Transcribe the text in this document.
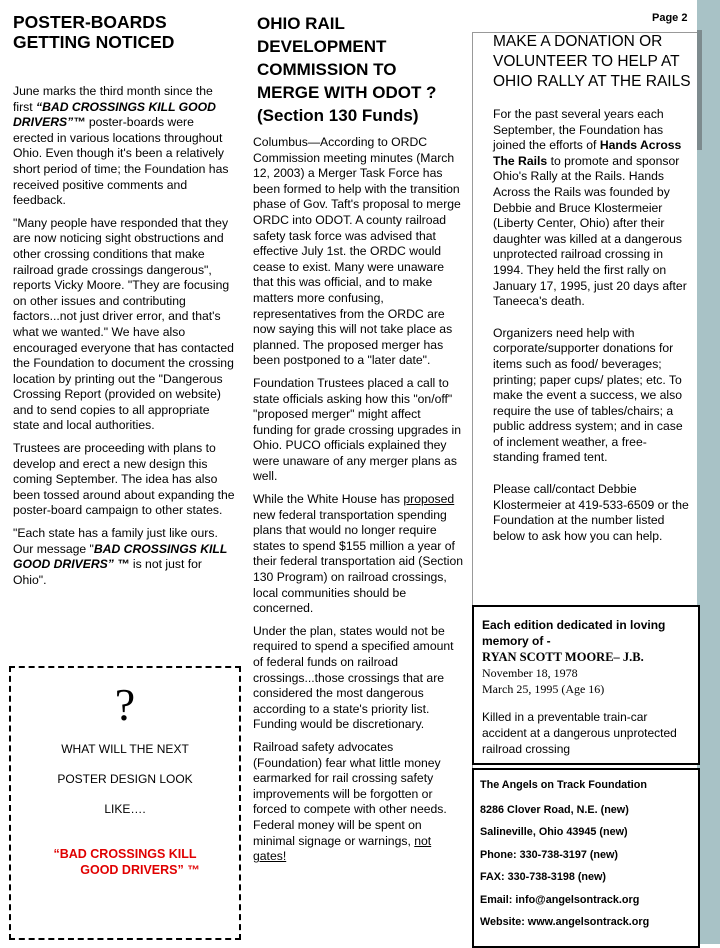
Page 2

POSTER-BOARDS GETTING NOTICED

June marks the third month since the first “BAD CROSSINGS KILL GOOD DRIVERS”™ poster-boards were erected in various locations throughout Ohio. Even though it's been a relatively short period of time; the Foundation has received positive comments and feedback.

"Many people have responded that they are now noticing sight obstructions and other crossing conditions that make railroad grade crossings dangerous", reports Vicky Moore. "They are focusing on other issues and contributing factors...not just driver error, and that's what we wanted." We have also encouraged everyone that has contacted the Foundation to document the crossing location by printing out the "Dangerous Crossing Report (provided on website) and to send copies to all appropriate state and local authorities.

Trustees are proceeding with plans to develop and erect a new design this coming September. The idea has also been tossed around about expanding the poster-board campaign to other states.

"Each state has a family just like ours. Our message "BAD CROSSINGS KILL GOOD DRIVERS” ™ is not just for Ohio".

?
WHAT WILL THE NEXT
POSTER DESIGN LOOK
LIKE….
“BAD CROSSINGS KILL
GOOD DRIVERS” ™

OHIO RAIL DEVELOPMENT COMMISSION TO MERGE WITH ODOT ? (Section 130 Funds)

Columbus—According to ORDC Commission meeting minutes (March 12, 2003) a Merger Task Force has been formed to help with the transition phase of Gov. Taft's proposal to merge ORDC into ODOT. A county railroad safety task force was advised that effective July 1st. the ORDC would cease to exist. Many were unaware that this was official, and to make matters more confusing, representatives from the ORDC are now saying this will not take place as planned. The proposed merger has been postponed to a "later date".

Foundation Trustees placed a call to state officials asking how this "on/off" "proposed merger" might affect funding for grade crossing upgrades in Ohio. PUCO officials explained they were unaware of any merger plans as well.

While the White House has proposed new federal transportation spending plans that would no longer require states to spend $155 million a year of their federal transportation aid (Section 130 Program) on railroad crossings, local communities should be concerned.

Under the plan, states would not be required to spend a specified amount of federal funds on railroad crossings...those crossings that are considered the most dangerous according to a state's priority list. Funding would be discretionary.

Railroad safety advocates (Foundation) fear what little money earmarked for rail crossing safety improvements will be forgotten or forced to compete with other needs. Federal money will be spent on minimal signage or warnings, not gates!

MAKE A DONATION OR VOLUNTEER TO HELP AT OHIO RALLY AT THE RAILS

For the past several years each September, the Foundation has joined the efforts of Hands Across The Rails to promote and sponsor Ohio's Rally at the Rails. Hands Across the Rails was founded by Debbie and Bruce Klostermeier (Liberty Center, Ohio) after their daughter was killed at a dangerous unprotected railroad crossing in 1994. They held the first rally on January 17, 1995, just 20 days after Taneeca's death.

Organizers need help with corporate/supporter donations for items such as food/ beverages; printing; paper cups/ plates; etc. To make the event a success, we also require the use of tables/chairs; a public address system; and in case of inclement weather, a free-standing framed tent.

Please call/contact Debbie Klostermeier at 419-533-6509 or the Foundation at the number listed below to ask how you can help.

Each edition dedicated in loving memory of -
RYAN SCOTT MOORE– J.B.
November 18, 1978
March 25, 1995 (Age 16)
Killed in a preventable train-car accident at a dangerous unprotected railroad crossing

The Angels on Track Foundation

8286 Clover Road, N.E. (new)

Salineville, Ohio 43945 (new)

Phone: 330-738-3197 (new)

FAX: 330-738-3198 (new)

Email: info@angelsontrack.org

Website: www.angelsontrack.org
